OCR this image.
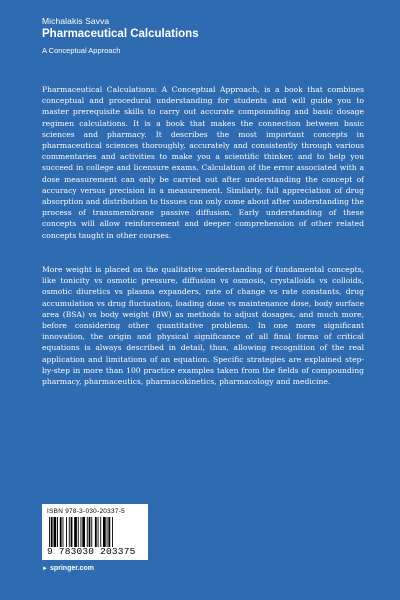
Michalakis Savva
Pharmaceutical Calculations
A Conceptual Approach

Pharmaceutical Calculations: A Conceptual Approach, is a book that combines conceptual and procedural understanding for students and will guide you to master prerequisite skills to carry out accurate compounding and basic dosage regimen calculations. It is a book that makes the connection between basic sciences and pharmacy. It describes the most important concepts in pharmaceutical sciences thoroughly, accurately and consistently through various commentaries and activities to make you a scientific thinker, and to help you succeed in college and licensure exams. Calculation of the error associated with a dose measurement can only be carried out after understanding the concept of accuracy versus precision in a measurement. Similarly, full appreciation of drug absorption and distribution to tissues can only come about after understanding the process of transmembrane passive diffusion. Early understanding of these concepts will allow reinforcement and deeper comprehension of other related concepts taught in other courses.

More weight is placed on the qualitative understanding of fundamental concepts, like tonicity vs osmotic pressure, diffusion vs osmosis, crystalloids vs colloids, osmotic diuretics vs plasma expanders, rate of change vs rate constants, drug accumulation vs drug fluctuation, loading dose vs maintenance dose, body surface area (BSA) vs body weight (BW) as methods to adjust dosages, and much more, before considering other quantitative problems. In one more significant innovation, the origin and physical significance of all final forms of critical equations is always described in detail, thus, allowing recognition of the real application and limitations of an equation. Specific strategies are explained step-by-step in more than 100 practice examples taken from the fields of compounding pharmacy, pharmaceutics, pharmacokinetics, pharmacology and medicine.

ISBN 978-3-030-20337-5
9 783030 203375
► springer.com
